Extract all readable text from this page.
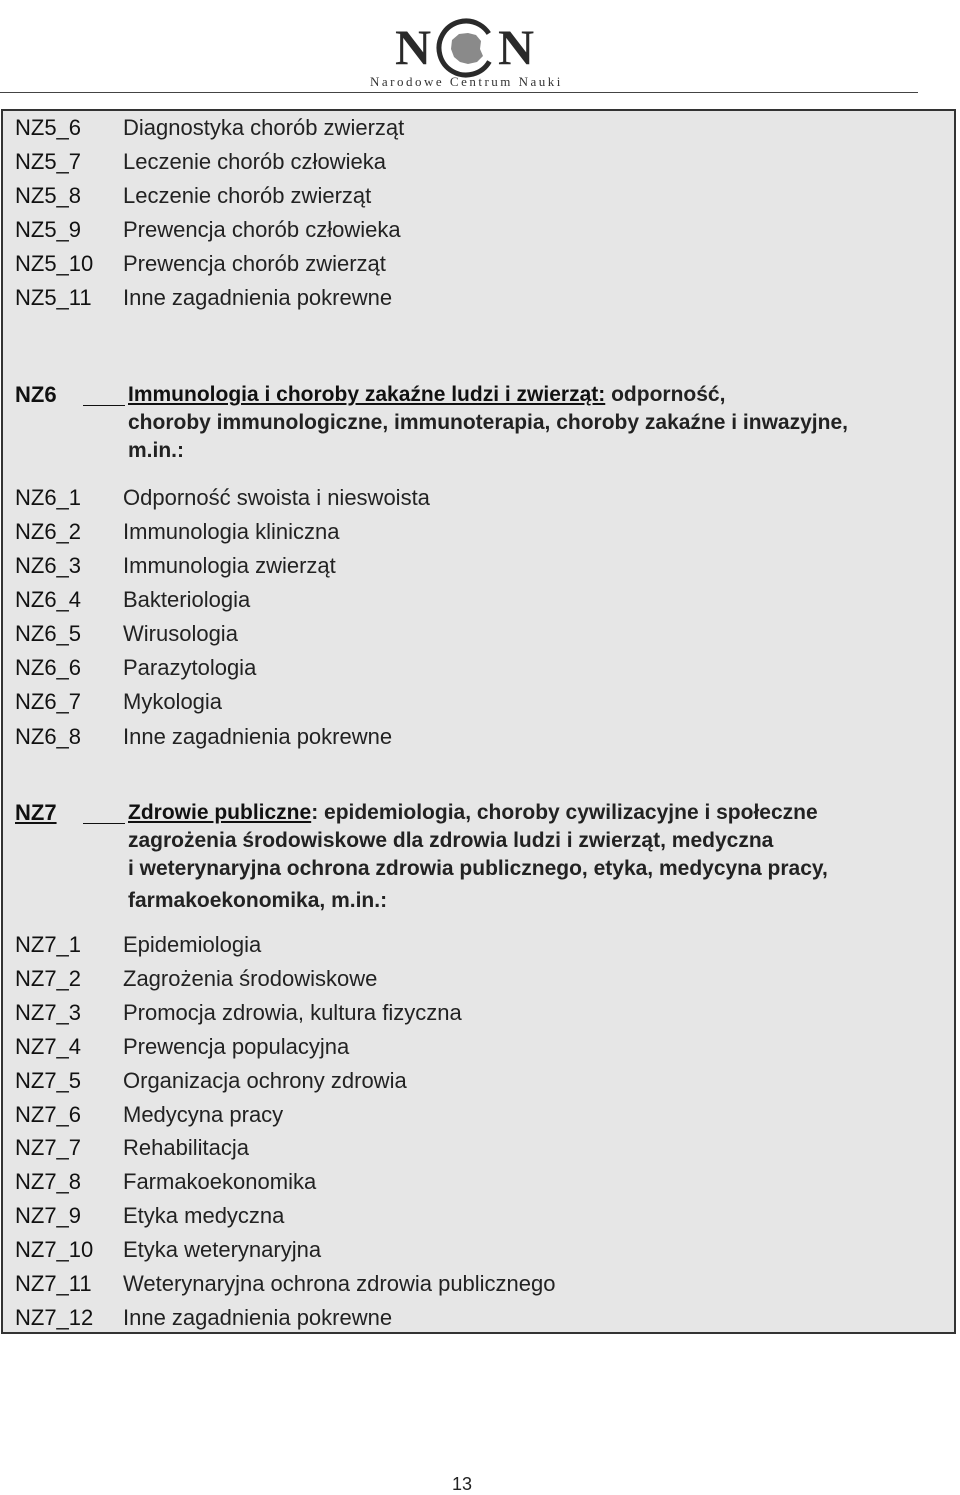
N N
Narodowe Centrum Nauki
NZ5_6 Diagnostyka chorób zwierząt
NZ5_7 Leczenie chorób człowieka
NZ5_8 Leczenie chorób zwierząt
NZ5_9 Prewencja chorób człowieka
NZ5_10 Prewencja chorób zwierząt
NZ5_11 Inne zagadnienia pokrewne
NZ6	Immunologia i choroby zakaźne ludzi i zwierząt: odporność,
choroby immunologiczne, immunoterapia, choroby zakaźne i inwazyjne,
m.in.:
NZ6_1 Odporność swoista i nieswoista
NZ6_2 Immunologia kliniczna
NZ6_3 Immunologia zwierząt
NZ6_4 Bakteriologia
NZ6_5 Wirusologia
NZ6_6 Parazytologia
NZ6_7 Mykologia
NZ6_8 Inne zagadnienia pokrewne
NZ7	Zdrowie publiczne: epidemiologia, choroby cywilizacyjne i społeczne
zagrożenia środowiskowe dla zdrowia ludzi i zwierząt, medyczna
i weterynaryjna ochrona zdrowia publicznego, etyka, medycyna pracy,
farmakoekonomika, m.in.:
NZ7_1 Epidemiologia
NZ7_2 Zagrożenia środowiskowe
NZ7_3 Promocja zdrowia, kultura fizyczna
NZ7_4 Prewencja populacyjna
NZ7_5 Organizacja ochrony zdrowia
NZ7_6 Medycyna pracy
NZ7_7 Rehabilitacja
NZ7_8 Farmakoekonomika
NZ7_9 Etyka medyczna
NZ7_10 Etyka weterynaryjna
NZ7_11 Weterynaryjna ochrona zdrowia publicznego
NZ7_12 Inne zagadnienia pokrewne
13
